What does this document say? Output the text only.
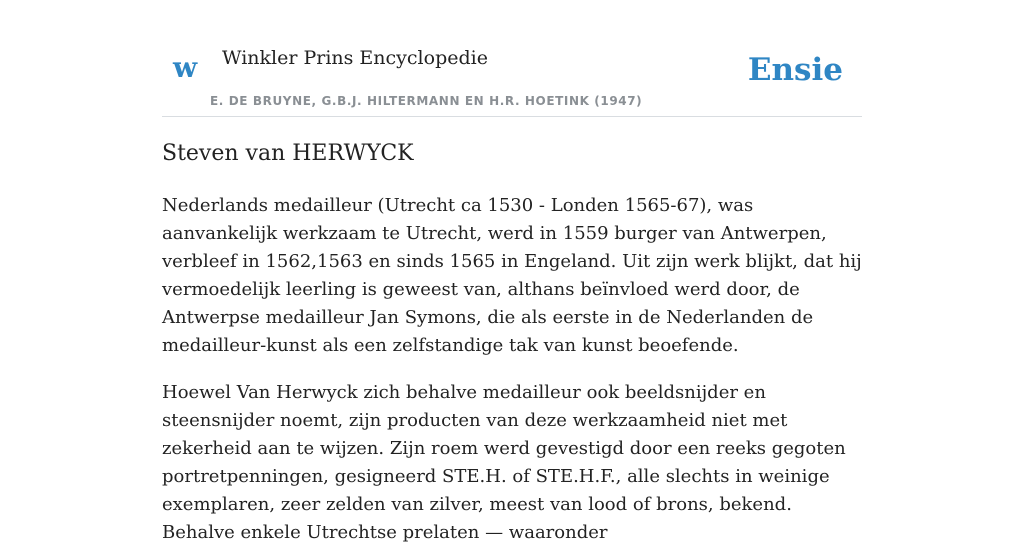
w Winkler Prins Encyclopedie
E. DE BRUYNE, G.B.J. HILTERMANN EN H.R. HOETINK (1947)
Ensie
Steven van HERWYCK

Nederlands medailleur (Utrecht ca 1530 - Londen 1565-67), was aanvankelijk werkzaam te Utrecht, werd in 1559 burger van Antwerpen, verbleef in 1562,1563 en sinds 1565 in Engeland. Uit zijn werk blijkt, dat hij vermoedelijk leerling is geweest van, althans beïnvloed werd door, de Antwerpse medailleur Jan Symons, die als eerste in de Nederlanden de medailleur-kunst als een zelfstandige tak van kunst beoefende.

Hoewel Van Herwyck zich behalve medailleur ook beeldsnijder en steensnijder noemt, zijn producten van deze werkzaamheid niet met zekerheid aan te wijzen. Zijn roem werd gevestigd door een reeks gegoten portretpenningen, gesigneerd STE.H. of STE.H.F., alle slechts in weinige exemplaren, zeer zelden van zilver, meest van lood of brons, bekend. Behalve enkele Utrechtse prelaten — waaronder
